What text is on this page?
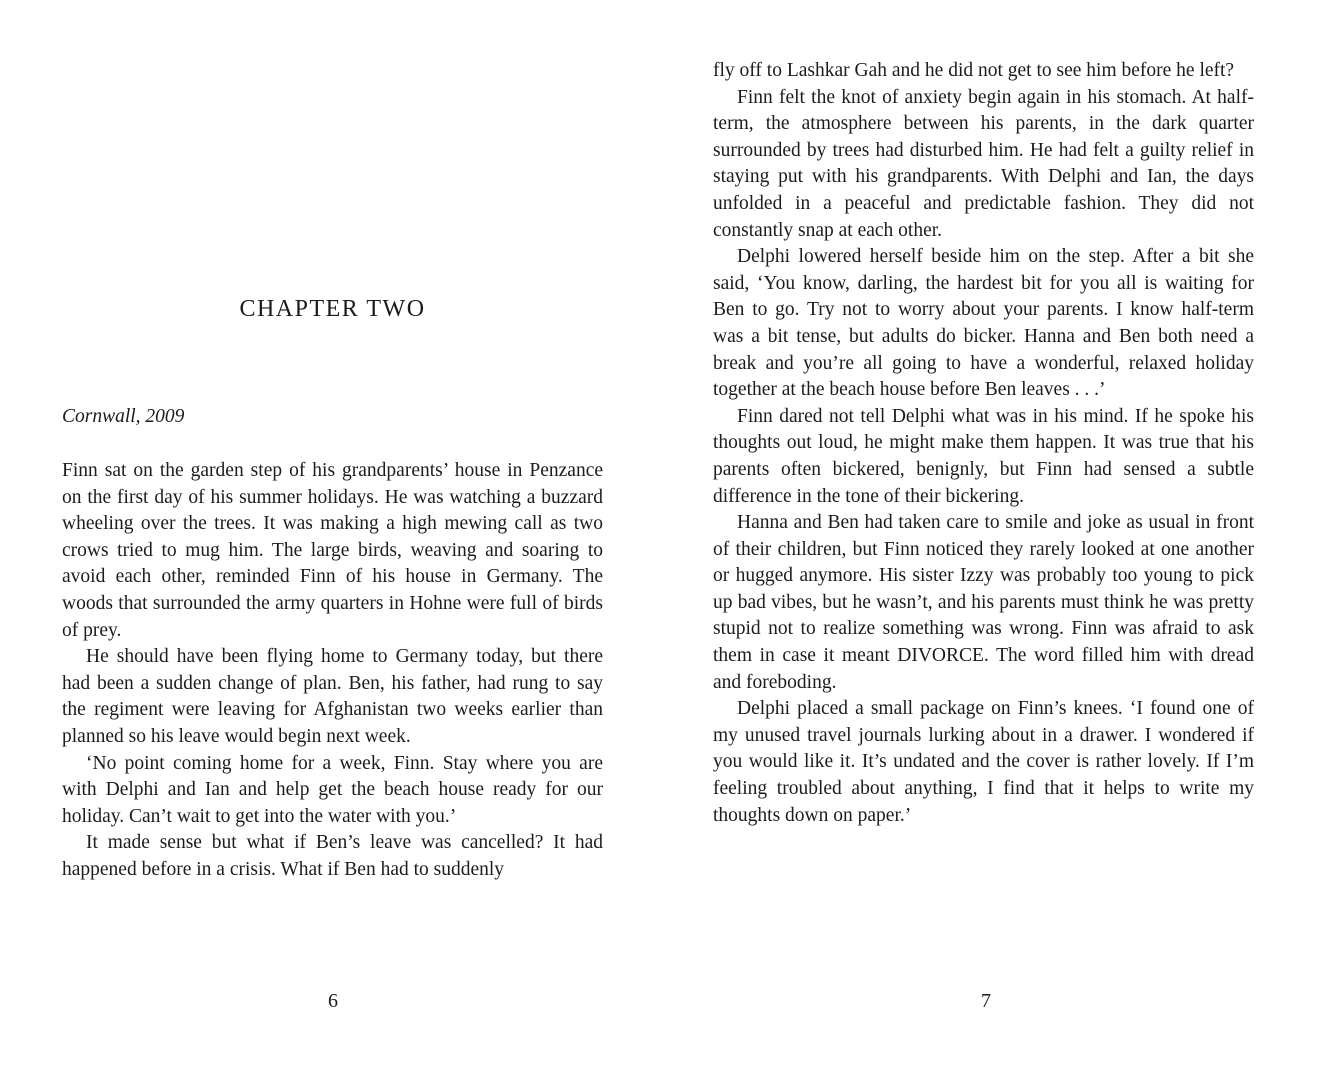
CHAPTER TWO

Cornwall, 2009

Finn sat on the garden step of his grandparents’ house in Penzance on the first day of his summer holidays. He was watching a buzzard wheeling over the trees. It was making a high mewing call as two crows tried to mug him. The large birds, weaving and soaring to avoid each other, reminded Finn of his house in Germany. The woods that surrounded the army quarters in Hohne were full of birds of prey.

He should have been flying home to Germany today, but there had been a sudden change of plan. Ben, his father, had rung to say the regiment were leaving for Afghanistan two weeks earlier than planned so his leave would begin next week.

‘No point coming home for a week, Finn. Stay where you are with Delphi and Ian and help get the beach house ready for our holiday. Can’t wait to get into the water with you.’

It made sense but what if Ben’s leave was cancelled? It had happened before in a crisis. What if Ben had to suddenly

6

fly off to Lashkar Gah and he did not get to see him before he left?

Finn felt the knot of anxiety begin again in his stomach. At half-term, the atmosphere between his parents, in the dark quarter surrounded by trees had disturbed him. He had felt a guilty relief in staying put with his grandparents. With Delphi and Ian, the days unfolded in a peaceful and predictable fashion. They did not constantly snap at each other.

Delphi lowered herself beside him on the step. After a bit she said, ‘You know, darling, the hardest bit for you all is waiting for Ben to go. Try not to worry about your parents. I know half-term was a bit tense, but adults do bicker. Hanna and Ben both need a break and you’re all going to have a wonderful, relaxed holiday together at the beach house before Ben leaves . . .’

Finn dared not tell Delphi what was in his mind. If he spoke his thoughts out loud, he might make them happen. It was true that his parents often bickered, benignly, but Finn had sensed a subtle difference in the tone of their bickering.

Hanna and Ben had taken care to smile and joke as usual in front of their children, but Finn noticed they rarely looked at one another or hugged anymore. His sister Izzy was probably too young to pick up bad vibes, but he wasn’t, and his parents must think he was pretty stupid not to realize something was wrong. Finn was afraid to ask them in case it meant DIVORCE. The word filled him with dread and foreboding.

Delphi placed a small package on Finn’s knees. ‘I found one of my unused travel journals lurking about in a drawer. I wondered if you would like it. It’s undated and the cover is rather lovely. If I’m feeling troubled about anything, I find that it helps to write my thoughts down on paper.’

7
